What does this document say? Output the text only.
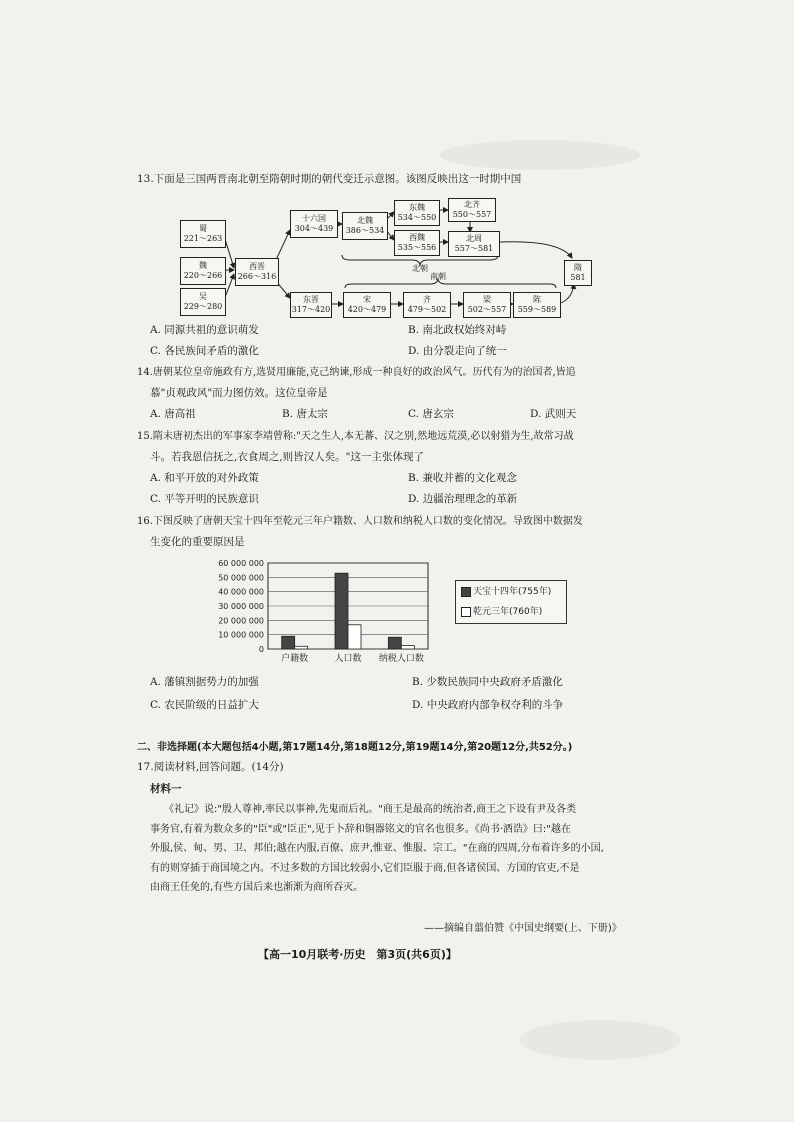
13.下面是三国两晋南北朝至隋朝时期的朝代变迁示意图。该图反映出这一时期中国
蜀
221～263
魏
220～266
吴
229～280
西晋
266～316
十六国
304～439
北魏
386～534
东魏
534～550
西魏
535～556
北齐
550～557
北周
557～581
北朝
南朝
隋
581
东晋
317～420
宋
420～479
齐
479～502
梁
502～557
陈
559～589
A. 同源共祖的意识萌发	B. 南北政权始终对峙
C. 各民族间矛盾的激化	D. 由分裂走向了统一
14.唐朝某位皇帝施政有方,选贤用廉能,克己纳谏,形成一种良好的政治风气。历代有为的治国者,皆追
慕"贞观政风"而力图仿效。这位皇帝是
A. 唐高祖	B. 唐太宗	C. 唐玄宗	D. 武则天
15.隋末唐初杰出的军事家李靖曾称:"天之生人,本无蕃、汉之别,然地远荒漠,必以射猎为生,故常习战
斗。若我恩信抚之,衣食周之,则皆汉人矣。"这一主张体现了
A. 和平开放的对外政策	B. 兼收并蓄的文化观念
C. 平等开明的民族意识	D. 边疆治理理念的革新
16.下图反映了唐朝天宝十四年至乾元三年户籍数、人口数和纳税人口数的变化情况。导致图中数据发
生变化的重要原因是
0
10 000 000
20 000 000
30 000 000
40 000 000
50 000 000
60 000 000
户籍数	人口数 纳税人口数
天宝十四年(755年)
乾元三年(760年)
A. 藩镇割据势力的加强	B. 少数民族同中央政府矛盾激化
C. 农民阶级的日益扩大	D. 中央政府内部争权夺利的斗争
二、非选择题(本大题包括4小题,第17题14分,第18题12分,第19题14分,第20题12分,共52分。)
17.阅读材料,回答问题。(14分)
材料一
《礼记》说:"殷人尊神,率民以事神,先鬼而后礼。"商王是最高的统治者,商王之下设有尹及各类
事务官,有着为数众多的"臣"或"臣正",见于卜辞和铜器铭文的官名也很多。《尚书·酒诰》曰:"越在
外服,侯、甸、男、卫、邦伯;越在内服,百僚、庶尹,惟亚、惟服、宗工。"在商的四周,分布着许多的小国,
有的则穿插于商国境之内。不过多数的方国比较弱小,它们臣服于商,但各诸侯国、方国的官吏,不是
由商王任免的,有些方国后来也渐渐为商所吞灭。
——摘编自翦伯赞《中国史纲要(上、下册)》
【高一10月联考·历史　第3页(共6页)】
